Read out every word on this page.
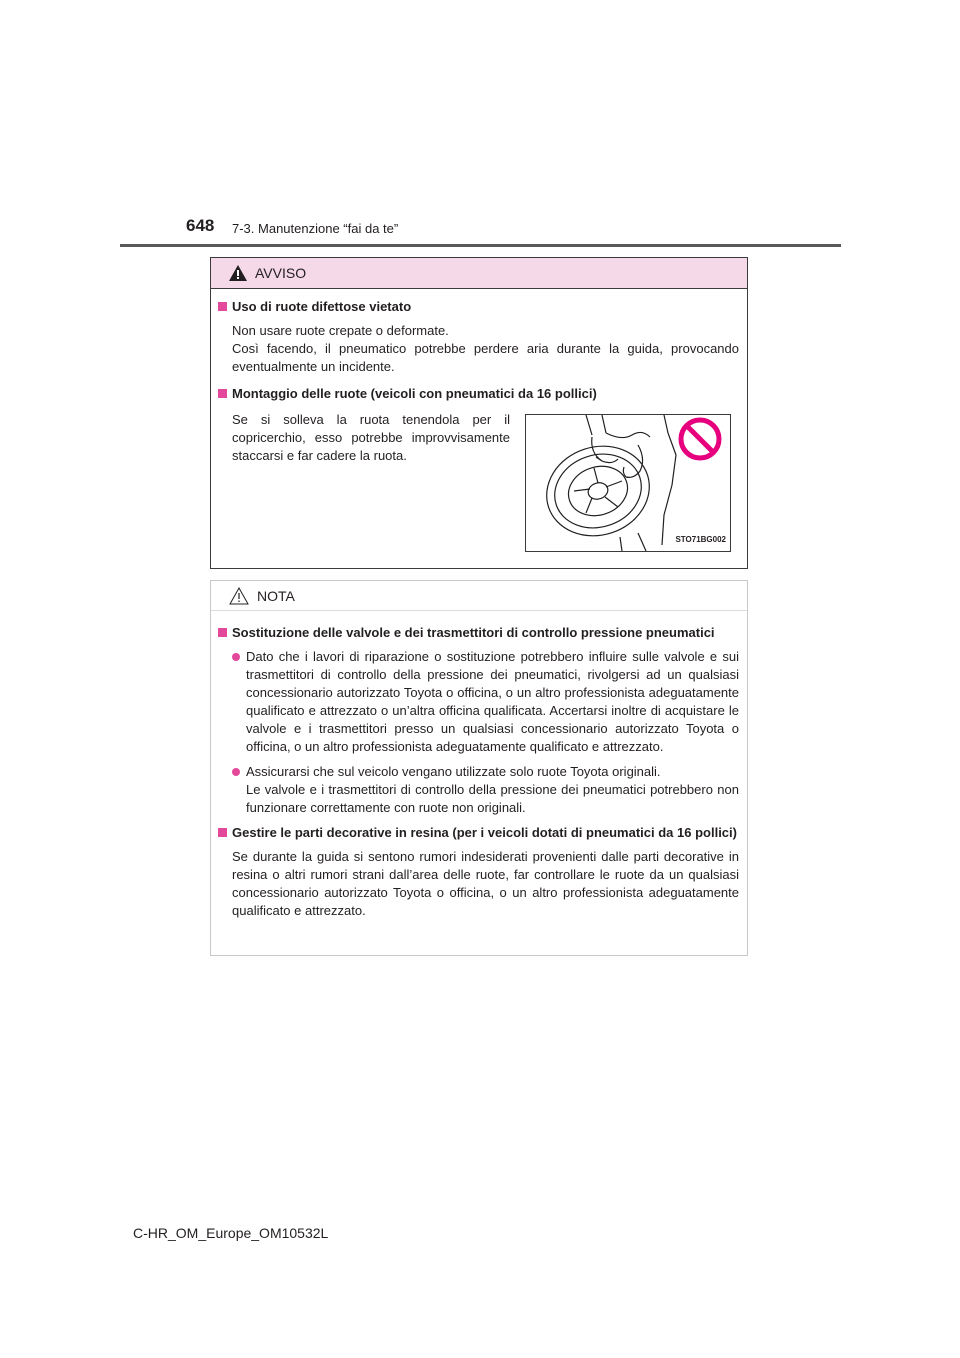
648 7-3. Manutenzione “fai da te”
AVVISO
Uso di ruote difettose vietato
Non usare ruote crepate o deformate.
Così facendo, il pneumatico potrebbe perdere aria durante la guida, provocando eventualmente un incidente.
Montaggio delle ruote (veicoli con pneumatici da 16 pollici)
Se si solleva la ruota tenendola per il copricerchio, esso potrebbe improvvisamente staccarsi e far cadere la ruota.
STO71BG002
NOTA
Sostituzione delle valvole e dei trasmettitori di controllo pressione pneumatici
Dato che i lavori di riparazione o sostituzione potrebbero influire sulle valvole e sui trasmettitori di controllo della pressione dei pneumatici, rivolgersi ad un qualsiasi concessionario autorizzato Toyota o officina, o un altro professionista adeguatamente qualificato e attrezzato o un’altra officina qualificata. Accertarsi inoltre di acquistare le valvole e i trasmettitori presso un qualsiasi concessionario autorizzato Toyota o officina, o un altro professionista adeguatamente qualificato e attrezzato.
Assicurarsi che sul veicolo vengano utilizzate solo ruote Toyota originali.
Le valvole e i trasmettitori di controllo della pressione dei pneumatici potrebbero non funzionare correttamente con ruote non originali.
Gestire le parti decorative in resina (per i veicoli dotati di pneumatici da 16 pollici)
Se durante la guida si sentono rumori indesiderati provenienti dalle parti decorative in resina o altri rumori strani dall’area delle ruote, far controllare le ruote da un qualsiasi concessionario autorizzato Toyota o officina, o un altro professionista adeguatamente qualificato e attrezzato.
C-HR_OM_Europe_OM10532L
